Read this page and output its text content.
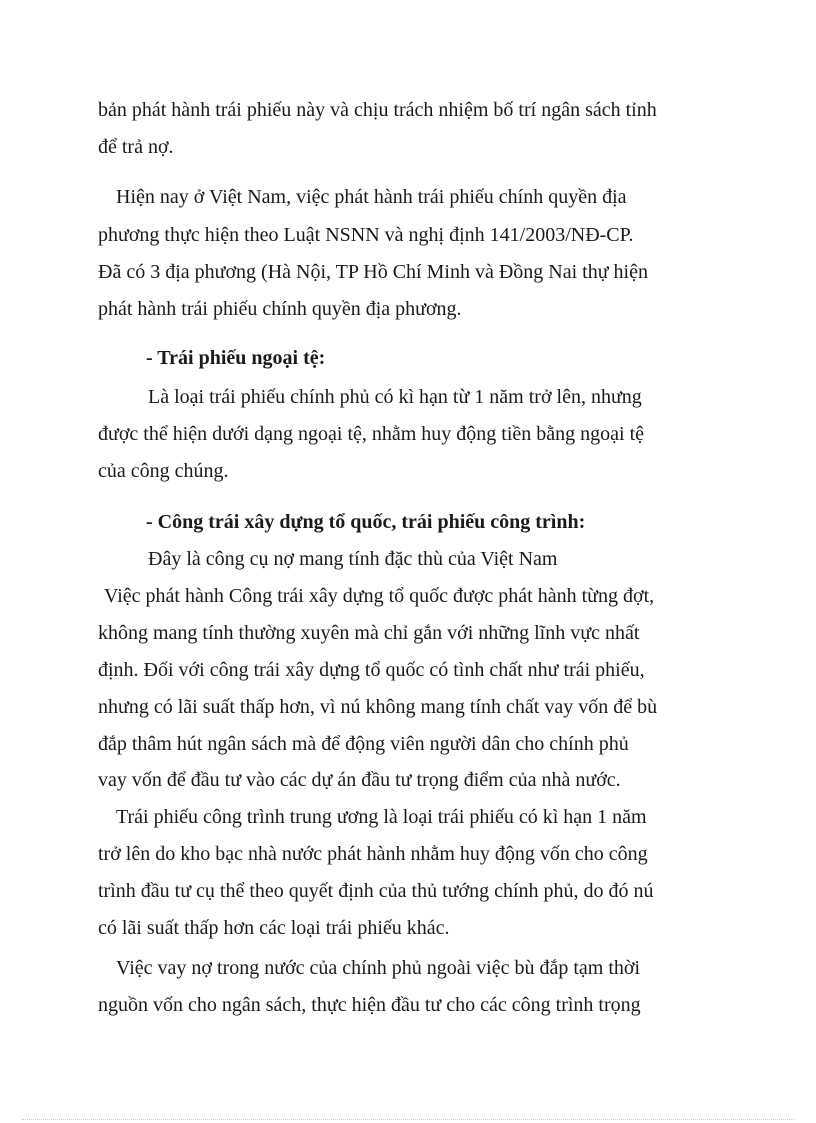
bản phát hành trái phiếu này và chịu trách nhiệm bố trí ngân sách tỉnh
để trả nợ.
Hiện nay ở Việt Nam, việc phát hành trái phiếu chính quyền địa
phương thực hiện theo Luật NSNN và nghị định 141/2003/NĐ-CP.
Đã có 3 địa phương (Hà Nội, TP Hồ Chí Minh và Đồng Nai thự hiện
phát hành trái phiếu chính quyền địa phương.
- Trái phiếu ngoại tệ:
Là loại trái phiếu chính phủ có kì hạn từ 1 năm trở lên, nhưng
được thể hiện dưới dạng ngoại tệ, nhằm huy động tiền bằng ngoại tệ
của công chúng.
- Công trái xây dựng tổ quốc, trái phiếu công trình:
Đây là công cụ nợ mang tính đặc thù của Việt Nam
Việc phát hành Công trái xây dựng tổ quốc được phát hành từng đợt,
không mang tính thường xuyên mà chỉ gắn với những lĩnh vực nhất
định. Đối với công trái xây dựng tổ quốc có tình chất như trái phiếu,
nhưng có lãi suất thấp hơn, vì nú không mang tính chất vay vốn để bù
đắp thâm hút ngân sách mà để động viên người dân cho chính phủ
vay vốn để đầu tư vào các dự án đầu tư trọng điểm của nhà nước.
Trái phiếu công trình trung ương là loại trái phiếu có kì hạn 1 năm
trở lên do kho bạc nhà nước phát hành nhằm huy động vốn cho công
trình đầu tư cụ thể theo quyết định của thủ tướng chính phủ, do đó nú
có lãi suất thấp hơn các loại trái phiếu khác.
Việc vay nợ trong nước của chính phủ ngoài việc bù đắp tạm thời
nguồn vốn cho ngân sách, thực hiện đầu tư cho các công trình trọng
